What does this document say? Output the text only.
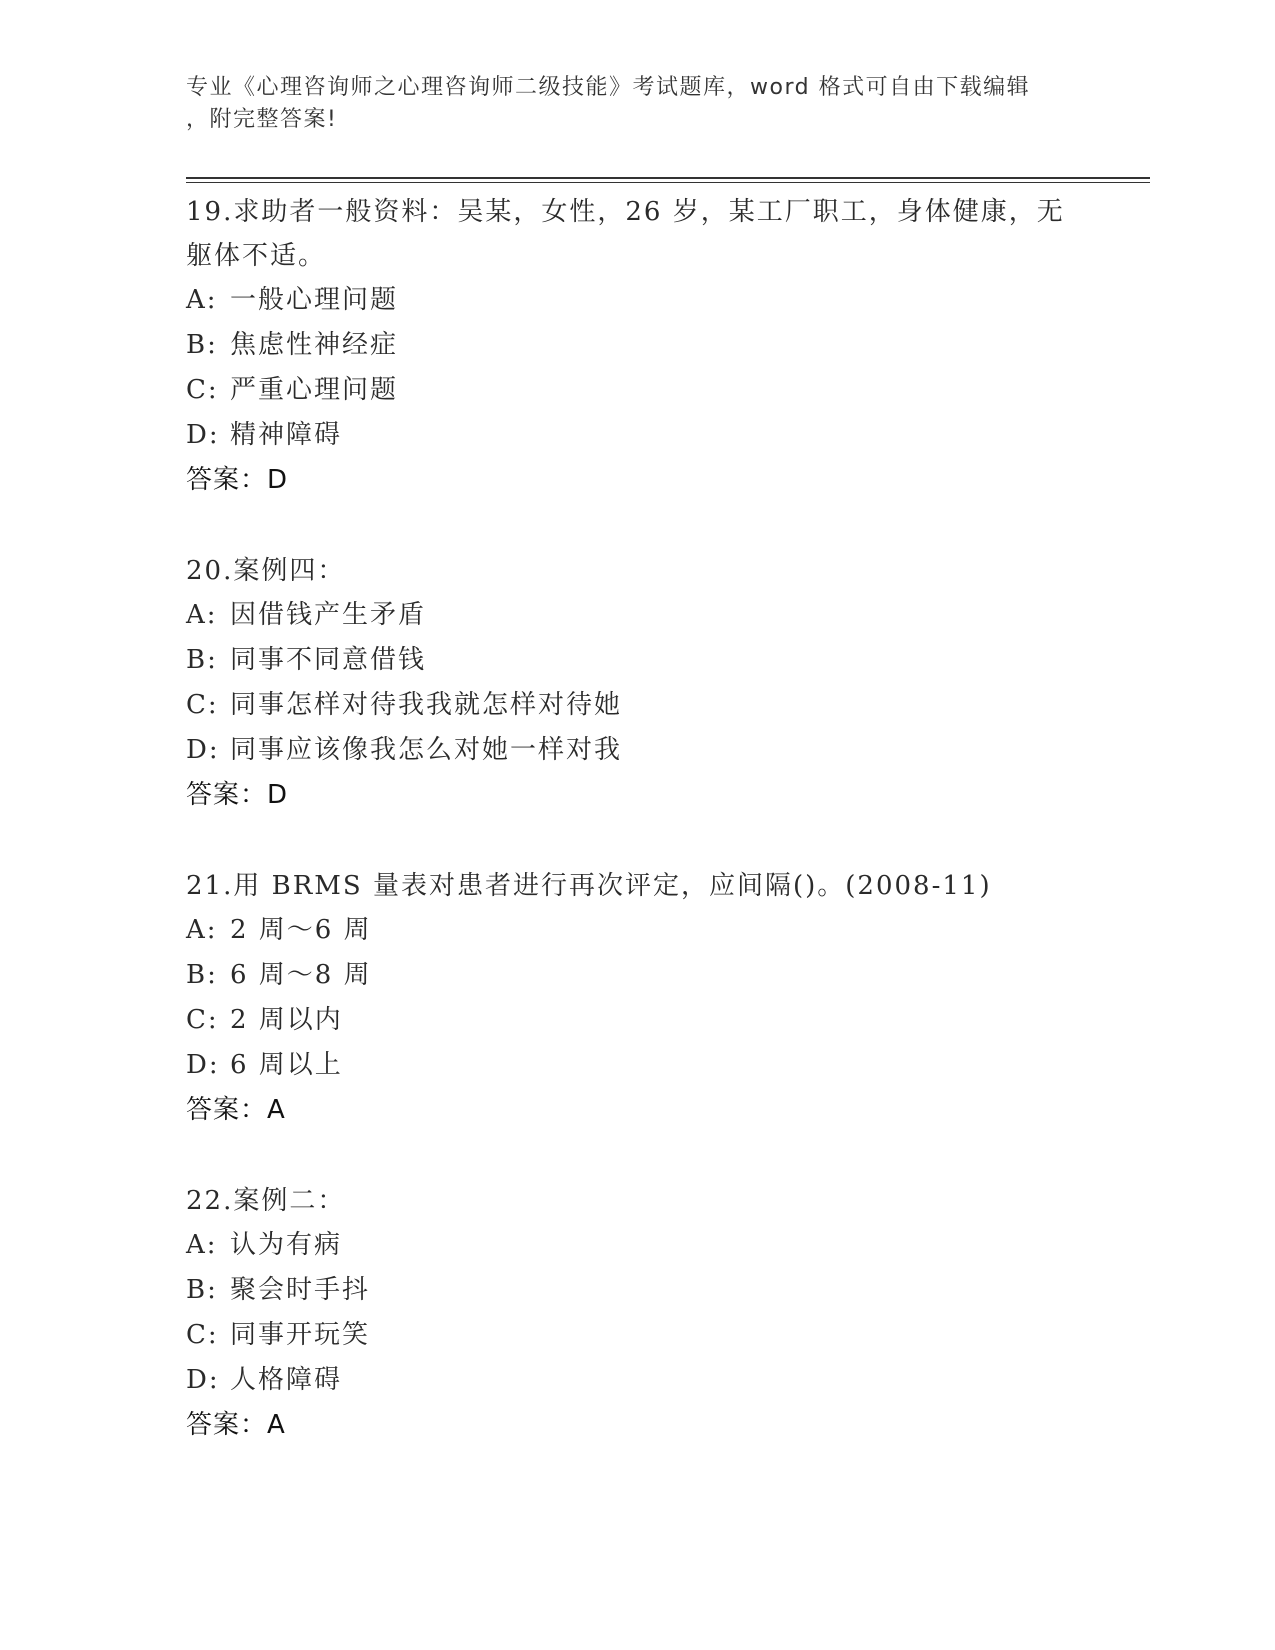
专业《心理咨询师之心理咨询师二级技能》考试题库，word 格式可自由下载编辑
，附完整答案!
19.求助者一般资料：吴某，女性，26 岁，某工厂职工，身体健康，无
躯体不适。
A: 一般心理问题
B: 焦虑性神经症
C: 严重心理问题
D: 精神障碍
答案：D
20.案例四：
A: 因借钱产生矛盾
B: 同事不同意借钱
C: 同事怎样对待我我就怎样对待她
D: 同事应该像我怎么对她一样对我
答案：D
21.用 BRMS 量表对患者进行再次评定，应间隔()。(2008-11)
A: 2 周～6 周
B: 6 周～8 周
C: 2 周以内
D: 6 周以上
答案：A
22.案例二：
A: 认为有病
B: 聚会时手抖
C: 同事开玩笑
D: 人格障碍
答案：A
